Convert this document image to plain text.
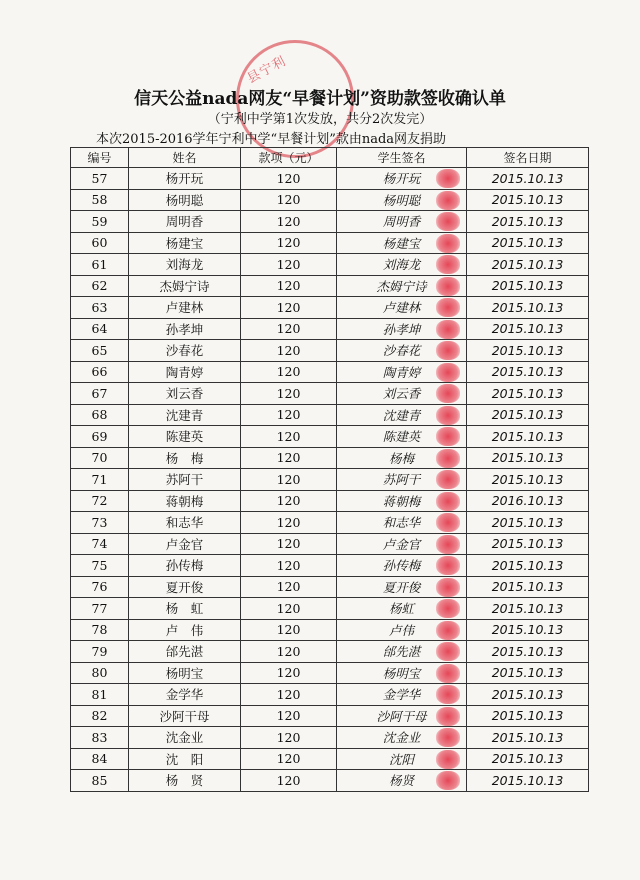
县宁利
信天公益nada网友“早餐计划”资助款签收确认单
（宁利中学第1次发放，共分2次发完）
本次2015-2016学年宁利中学“早餐计划”款由nada网友捐助
编号	姓名	款项（元）	学生签名	签名日期
57	杨开玩	120	杨开玩	2015.10.13
58	杨明聪	120	杨明聪	2015.10.13
59	周明香	120	周明香	2015.10.13
60	杨建宝	120	杨建宝	2015.10.13
61	刘海龙	120	刘海龙	2015.10.13
62	杰姆宁诗	120	杰姆宁诗	2015.10.13
63	卢建林	120	卢建林	2015.10.13
64	孙孝坤	120	孙孝坤	2015.10.13
65	沙春花	120	沙春花	2015.10.13
66	陶青婷	120	陶青婷	2015.10.13
67	刘云香	120	刘云香	2015.10.13
68	沈建青	120	沈建青	2015.10.13
69	陈建英	120	陈建英	2015.10.13
70	杨　梅	120	杨梅	2015.10.13
71	苏阿干	120	苏阿干	2015.10.13
72	蒋朝梅	120	蒋朝梅	2016.10.13
73	和志华	120	和志华	2015.10.13
74	卢金官	120	卢金官	2015.10.13
75	孙传梅	120	孙传梅	2015.10.13
76	夏开俊	120	夏开俊	2015.10.13
77	杨　虹	120	杨虹	2015.10.13
78	卢　伟	120	卢伟	2015.10.13
79	邰先湛	120	邰先湛	2015.10.13
80	杨明宝	120	杨明宝	2015.10.13
81	金学华	120	金学华	2015.10.13
82	沙阿干母	120	沙阿干母	2015.10.13
83	沈金业	120	沈金业	2015.10.13
84	沈　阳	120	沈阳	2015.10.13
85	杨　贤	120	杨贤	2015.10.13
